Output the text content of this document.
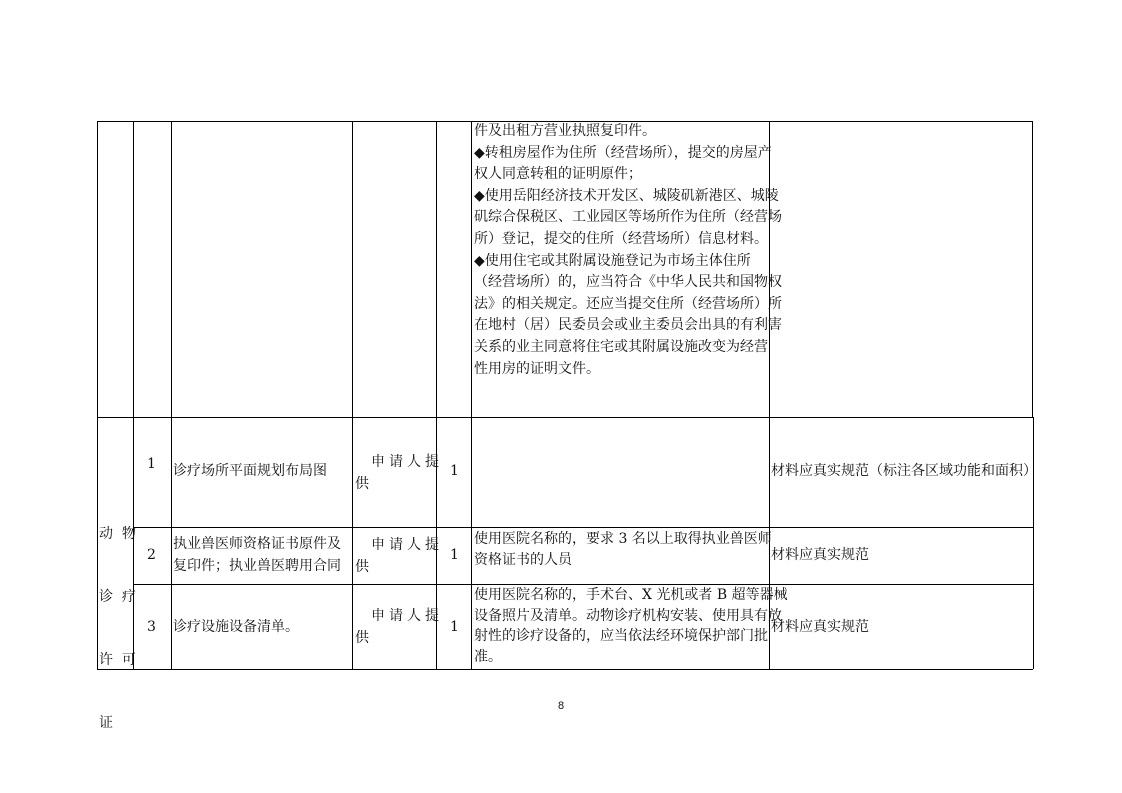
件及出租方营业执照复印件。
◆转租房屋作为住所（经营场所），提交的房屋产
权人同意转租的证明原件；
◆使用岳阳经济技术开发区、城陵矶新港区、城陵
矶综合保税区、工业园区等场所作为住所（经营场
所）登记，提交的住所（经营场所）信息材料。
◆使用住宅或其附属设施登记为市场主体住所
（经营场所）的，应当符合《中华人民共和国物权
法》的相关规定。还应当提交住所（经营场所）所
在地村（居）民委员会或业主委员会出具的有利害
关系的业主同意将住宅或其附属设施改变为经营
性用房的证明文件。

动  物

诊  疗

许  可

证

1 诊疗场所平面规划布局图
申请人提
供
1	材料应真实规范（标注各区域功能和面积）
2
执业兽医师资格证书原件及
复印件；执业兽医聘用合同
申请人提
供
1
使用医院名称的，要求 3 名以上取得执业兽医师
资格证书的人员	材料应真实规范
3 诊疗设施设备清单。
申请人提
供
1
使用医院名称的，手术台、X 光机或者 B 超等器械
设备照片及清单。动物诊疗机构安装、使用具有放
射性的诊疗设备的，应当依法经环境保护部门批
准。
材料应真实规范
8
